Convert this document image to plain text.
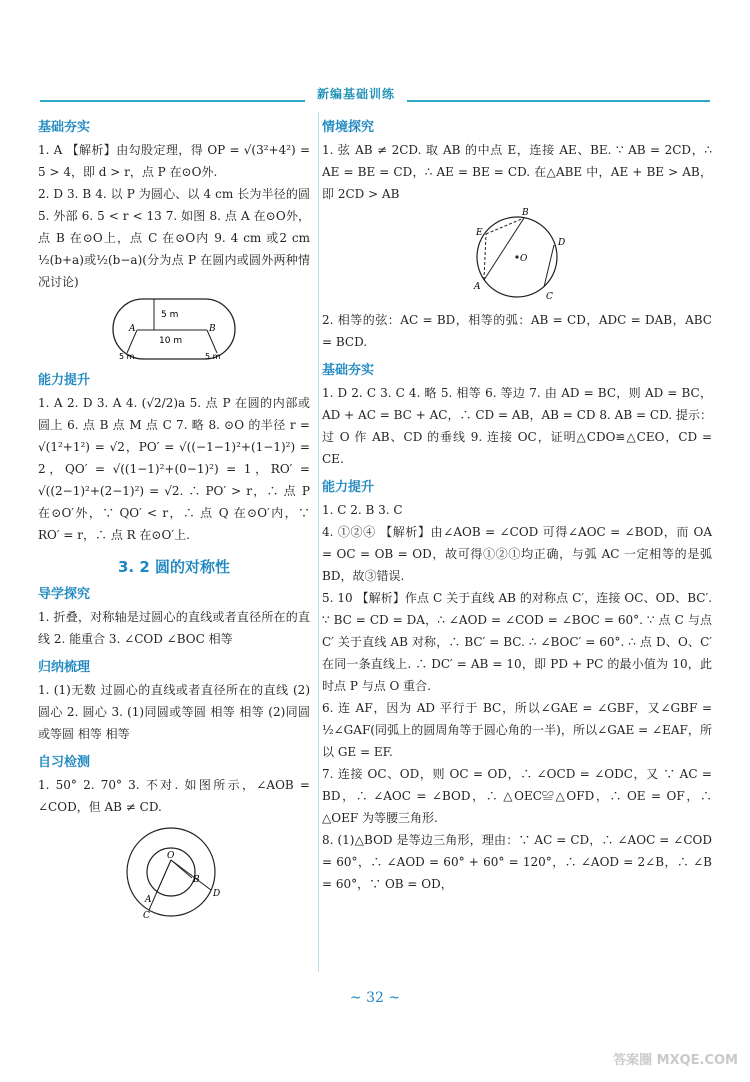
新编基础训练
基础夯实

1. A 【解析】由勾股定理，得 OP = √(3²+4²) = 5 > 4，即 d > r，点 P 在⊙O外.

2. D 3. B 4. 以 P 为圆心、以 4 cm 长为半径的圆 5. 外部 6. 5 < r < 13 7. 如图 8. 点 A 在⊙O外，点 B 在⊙O上，点 C 在⊙O内 9. 4 cm 或2 cm ½(b+a)或½(b−a)(分为点 P 在圆内或圆外两种情况讨论)

5 m
10 m
5 m	5 m
A	B
能力提升

1. A 2. D 3. A 4. (√2/2)a 5. 点 P 在圆的内部或圆上 6. 点 B 点 M 点 C 7. 略 8. ⊙O 的半径 r = √(1²+1²) = √2，PO′ = √((−1−1)²+(1−1)²) = 2，QO′ = √((1−1)²+(0−1)²) = 1，RO′ = √((2−1)²+(2−1)²) = √2. ∴ PO′ > r，∴ 点 P 在⊙O′外，∵ QO′ < r，∴ 点 Q 在⊙O′内，∵ RO′ = r，∴ 点 R 在⊙O′上.

3. 2 圆的对称性
导学探究

1. 折叠，对称轴是过圆心的直线或者直径所在的直线 2. 能重合 3. ∠COD ∠BOC 相等

归纳梳理

1. (1)无数 过圆心的直线或者直径所在的直线 (2)圆心 2. 圆心 3. (1)同圆或等圆 相等 相等 (2)同圆或等圆 相等 相等

自习检测

1. 50° 2. 70° 3. 不对. 如图所示，∠AOB = ∠COD，但 AB ≠ CD.

O
A
B
C
D
情境探究

1. 弦 AB ≠ 2CD. 取 AB 的中点 E，连接 AE、BE. ∵ AB = 2CD，∴ AE = BE = CD，∴ AE = BE = CD. 在△ABE 中，AE + BE > AB，即 2CD > AB

E
B
D
O
A
C

2. 相等的弦：AC = BD，相等的弧：AB = CD，ADC = DAB，ABC = BCD.

基础夯实

1. D 2. C 3. C 4. 略 5. 相等 6. 等边 7. 由 AD = BC，则 AD = BC，AD + AC = BC + AC，∴ CD = AB，AB = CD 8. AB = CD. 提示：过 O 作 AB、CD 的垂线 9. 连接 OC，证明△CDO≌△CEO，CD = CE.

能力提升

1. C 2. B 3. C

4. ①②④ 【解析】由∠AOB = ∠COD 可得∠AOC = ∠BOD，而 OA = OC = OB = OD，故可得①②①均正确，与弧 AC 一定相等的是弧 BD，故③错误.

5. 10 【解析】作点 C 关于直线 AB 的对称点 C′，连接 OC、OD、BC′. ∵ BC = CD = DA，∴ ∠AOD = ∠COD = ∠BOC = 60°. ∵ 点 C 与点 C′ 关于直线 AB 对称，∴ BC′ = BC. ∴ ∠BOC′ = 60°. ∴ 点 D、O、C′ 在同一条直线上. ∴ DC′ = AB = 10，即 PD + PC 的最小值为 10，此时点 P 与点 O 重合.

6. 连 AF，因为 AD 平行于 BC，所以∠GAE = ∠GBF，又∠GBF = ½∠GAF(同弧上的圆周角等于圆心角的一半)，所以∠GAE = ∠EAF，所以 GE = EF.

7. 连接 OC、OD，则 OC = OD，∴ ∠OCD = ∠ODC，又 ∵ AC = BD，∴ ∠AOC = ∠BOD，∴ △OEC≌△OFD，∴ OE = OF，∴ △OEF 为等腰三角形.

8. (1)△BOD 是等边三角形，理由：∵ AC = CD，∴ ∠AOC = ∠COD = 60°，∴ ∠AOD = 60° + 60° = 120°，∴ ∠AOD = 2∠B，∴ ∠B = 60°，∵ OB = OD，

~ 32 ~
答案圈 MXQE.COM
